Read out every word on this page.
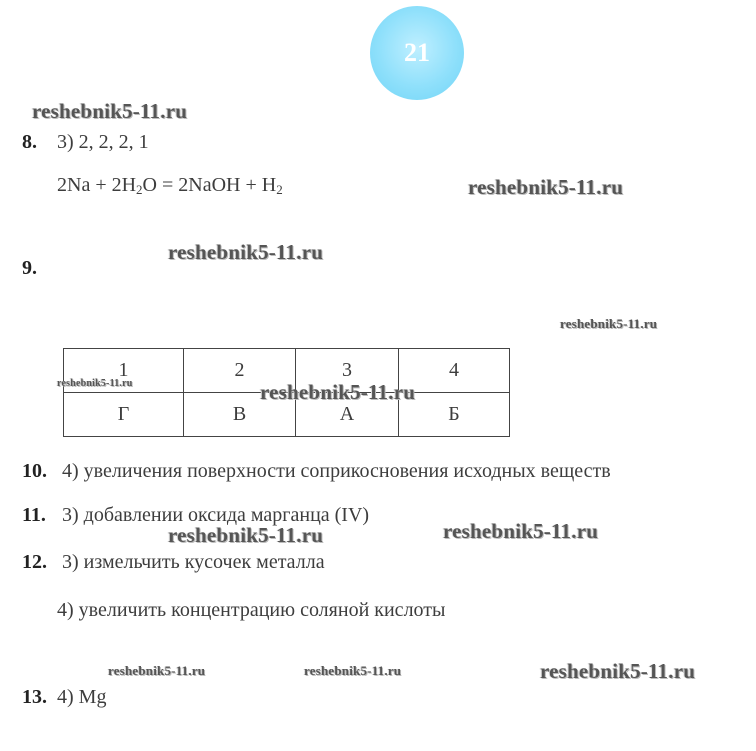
21
reshebnik5-11.ru
reshebnik5-11.ru
reshebnik5-11.ru
reshebnik5-11.ru
reshebnik5-11.ru	reshebnik5-11.ru
reshebnik5-11.ru	reshebnik5-11.ru
reshebnik5-11.ru	reshebnik5-11.ru	reshebnik5-11.ru
8. 3) 2, 2, 2, 1
$2Na + 2H_2O$ = 2NaOH + $H_2$
9.
1	2	3	4
Г	В	А	Б
10. 4) увеличения поверхности соприкосновения исходных веществ
11. 3) добавлении оксида марганца (IV)
12. 3) измельчить кусочек металла
4) увеличить концентрацию соляной кислоты
13. 4) Mg
